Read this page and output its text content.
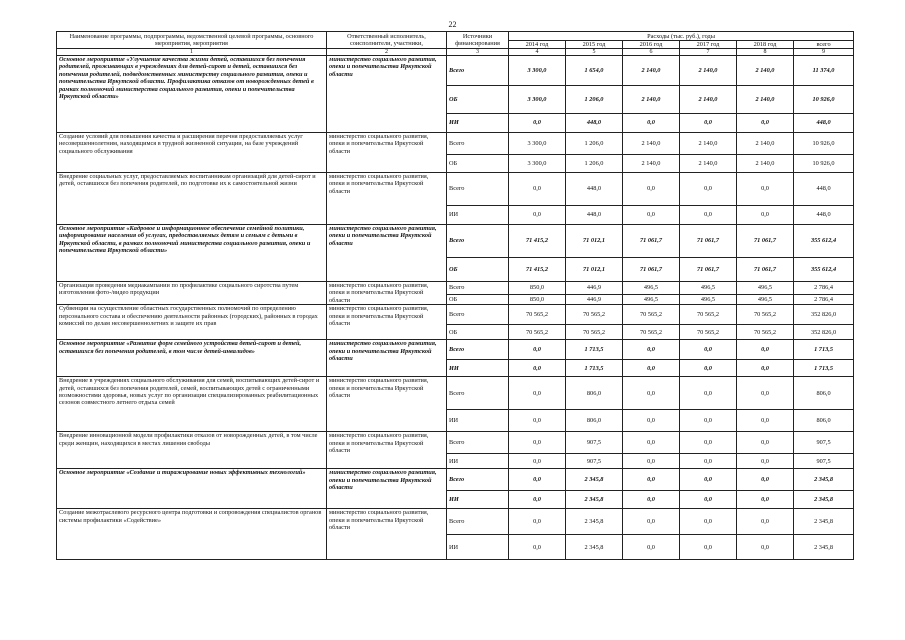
22
Наименование программы, подпрограммы, ведомственной целевой программы, основного мероприятия, мероприятия	Ответственный исполнитель, соисполнители, участники,	Источники финансирования	Расходы (тыс. руб.), годы					
			2014 год	2015 год	2016 год	2017 год	2018 год	всего
1	2	3	4	5	6	7	8	9
Основное мероприятие «Улучшение качества жизни детей, оставшихся без попечения родителей, проживающих в учреждениях для детей-сирот и детей, оставшихся без попечения родителей, подведомственных министерству социального развития, опеки и попечительства Иркутской области. Профилактика отказов от новорожденных детей в рамках полномочий министерства социального развития, опеки и попечительства Иркутской области»	министерство социального развития, опеки и попечительства Иркутской области	Всего	3 300,0	1 654,0	2 140,0	2 140,0	2 140,0	11 374,0
		ОБ	3 300,0	1 206,0	2 140,0	2 140,0	2 140,0	10 926,0
		ИИ	0,0	448,0	0,0	0,0	0,0	448,0
Создание условий для повышения качества и расширения перечня предоставляемых услуг несовершеннолетним, находящимся в трудной жизненной ситуации, на базе учреждений социального обслуживания	министерство социального развития, опеки и попечительства Иркутской области	Всего	3 300,0	1 206,0	2 140,0	2 140,0	2 140,0	10 926,0
		ОБ	3 300,0	1 206,0	2 140,0	2 140,0	2 140,0	10 926,0
Внедрение социальных услуг, предоставляемых воспитанникам организаций для детей-сирот и детей, оставшихся без попечения родителей, по подготовке их к самостоятельной жизни	министерство социального развития, опеки и попечительства Иркутской области	Всего	0,0	448,0	0,0	0,0	0,0	448,0
		ИИ	0,0	448,0	0,0	0,0	0,0	448,0
Основное мероприятие «Кадровое и информационное обеспечение семейной политики, информирование населения об услугах, предоставляемых детям и семьям с детьми в Иркутской области, в рамках полномочий министерства социального развития, опеки и попечительства Иркутской области»	министерство социального развития, опеки и попечительства Иркутской области	Всего	71 415,2	71 012,1	71 061,7	71 061,7	71 061,7	355 612,4
		ОБ	71 415,2	71 012,1	71 061,7	71 061,7	71 061,7	355 612,4
Организация проведения медиакампании по профилактике социального сиротства путем изготовления фото-/видео продукции	министерство социального развития, опеки и попечительства Иркутской области	Всего	850,0	446,9	496,5	496,5	496,5	2 786,4
		ОБ	850,0	446,9	496,5	496,5	496,5	2 786,4
Субвенции на осуществление областных государственных полномочий по определению персонального состава и обеспечению деятельности районных (городских), районных в городах комиссий по делам несовершеннолетних и защите их прав	министерство социального развития, опеки и попечительства Иркутской области	Всего	70 565,2	70 565,2	70 565,2	70 565,2	70 565,2	352 826,0
		ОБ	70 565,2	70 565,2	70 565,2	70 565,2	70 565,2	352 826,0
Основное мероприятие «Развитие форм семейного устройства детей-сирот и детей, оставшихся без попечения родителей, в том числе детей-инвалидов»	министерство социального развития, опеки и попечительства Иркутской области	Всего	0,0	1 713,5	0,0	0,0	0,0	1 713,5
		ИИ	0,0	1 713,5	0,0	0,0	0,0	1 713,5
Внедрение в учреждениях социального обслуживания для семей, воспитывающих детей-сирот и детей, оставшихся без попечения родителей, семей, воспитывающих детей с ограниченными возможностями здоровья, новых услуг по организации специализированных реабилитационных сезонов совместного летнего отдыха семей	министерство социального развития, опеки и попечительства Иркутской области	Всего	0,0	806,0	0,0	0,0	0,0	806,0
		ИИ	0,0	806,0	0,0	0,0	0,0	806,0
Внедрение инновационной модели профилактики отказов от новорожденных детей, в том числе среди женщин, находящихся в местах лишения свободы	министерство социального развития, опеки и попечительства Иркутской области	Всего	0,0	907,5	0,0	0,0	0,0	907,5
		ИИ	0,0	907,5	0,0	0,0	0,0	907,5
Основное мероприятие «Создание и тиражирование новых эффективных технологий»	министерство социального развития, опеки и попечительства Иркутской области	Всего	0,0	2 345,8	0,0	0,0	0,0	2 345,8
		ИИ	0,0	2 345,8	0,0	0,0	0,0	2 345,8
Создание межотраслевого ресурсного центра подготовки и сопровождения специалистов органов системы профилактики «Содействие»	министерство социального развития, опеки и попечительства Иркутской области	Всего	0,0	2 345,8	0,0	0,0	0,0	2 345,8
		ИИ	0,0	2 345,8	0,0	0,0	0,0	2 345,8
